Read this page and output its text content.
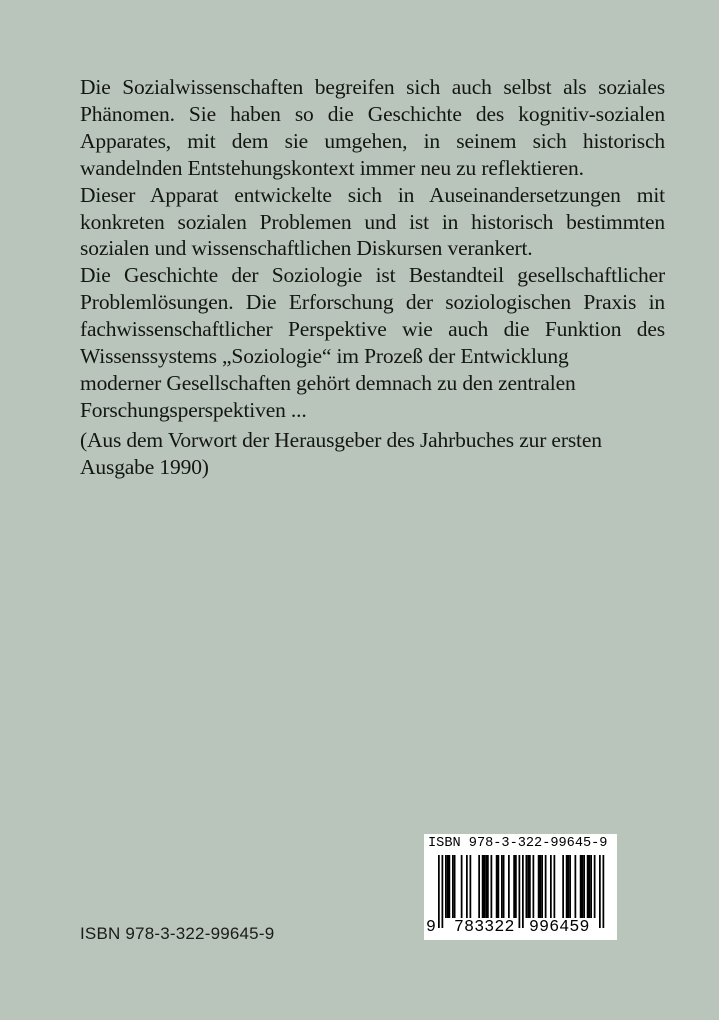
Die Sozialwissenschaften begreifen sich auch selbst als soziales
Phänomen. Sie haben so die Geschichte des kognitiv-sozialen
Apparates, mit dem sie umgehen, in seinem sich historisch
wandelnden Entstehungskontext immer neu zu reflektieren.
Dieser Apparat entwickelte sich in Auseinandersetzungen mit
konkreten sozialen Problemen und ist in historisch bestimmten
sozialen und wissenschaftlichen Diskursen verankert.
Die Geschichte der Soziologie ist Bestandteil gesellschaftlicher
Problemlösungen. Die Erforschung der soziologischen Praxis in
fachwissenschaftlicher Perspektive wie auch die Funktion des
Wissenssystems „Soziologie“ im Prozeß der Entwicklung
moderner Gesellschaften gehört demnach zu den zentralen
Forschungsperspektiven ...
(Aus dem Vorwort der Herausgeber des Jahrbuches zur ersten
Ausgabe 1990)
ISBN 978-3-322-99645-9
9 783322 996459
ISBN 978-3-322-99645-9
